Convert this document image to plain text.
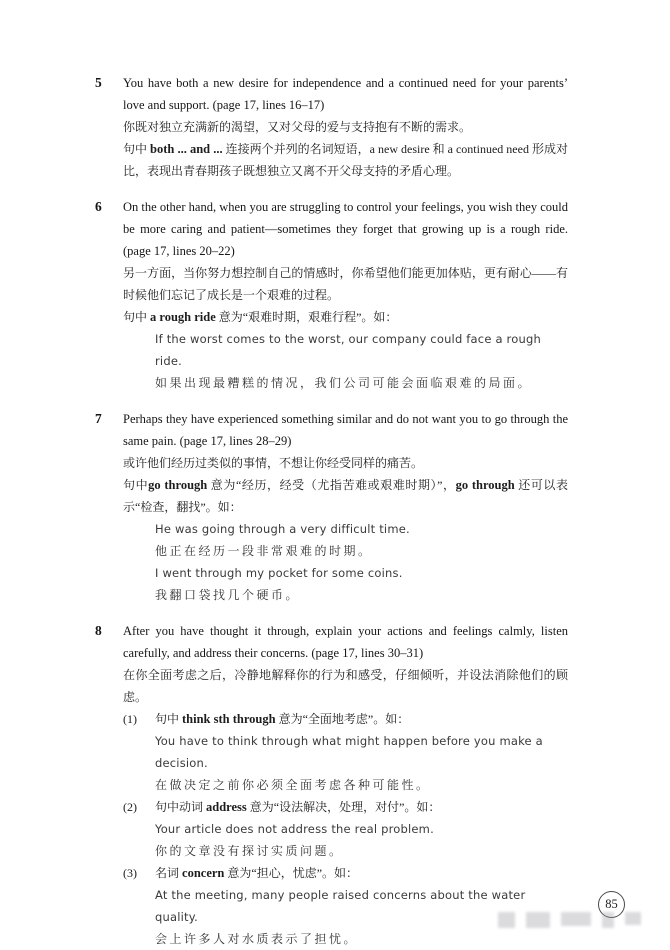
5	You have both a new desire for independence and a continued need for your parents’ love and support. (page 17, lines 16–17)

你既对独立充满新的渴望，又对父母的爱与支持抱有不断的需求。

句中 both ... and ... 连接两个并列的名词短语，a new desire 和 a continued need 形成对比，表现出青春期孩子既想独立又离不开父母支持的矛盾心理。

6	On the other hand, when you are struggling to control your feelings, you wish they could be more caring and patient—sometimes they forget that growing up is a rough ride. (page 17, lines 20–22)

另一方面，当你努力想控制自己的情感时，你希望他们能更加体贴，更有耐心——有时候他们忘记了成长是一个艰难的过程。

句中 a rough ride 意为“艰难时期，艰难行程”。如：

If the worst comes to the worst, our company could face a rough ride.

如果出现最糟糕的情况，我们公司可能会面临艰难的局面。

7	Perhaps they have experienced something similar and do not want you to go through the same pain. (page 17, lines 28–29)

或许他们经历过类似的事情，不想让你经受同样的痛苦。

句中go through 意为“经历，经受（尤指苦难或艰难时期）”，go through 还可以表示“检查，翻找”。如：

He was going through a very difficult time.

他正在经历一段非常艰难的时期。

I went through my pocket for some coins.

我翻口袋找几个硬币。

8	After you have thought it through, explain your actions and feelings calmly, listen carefully, and address their concerns. (page 17, lines 30–31)

在你全面考虑之后，冷静地解释你的行为和感受，仔细倾听，并设法消除他们的顾虑。

(1)	句中 think sth through 意为“全面地考虑”。如：

You have to think through what might happen before you make a decision.

在做决定之前你必须全面考虑各种可能性。

(2)	句中动词 address 意为“设法解决，处理，对付”。如：

Your article does not address the real problem.

你的文章没有探讨实质问题。

(3)	名词 concern 意为“担心，忧虑”。如：

At the meeting, many people raised concerns about the water quality.

会上许多人对水质表示了担忧。

85
